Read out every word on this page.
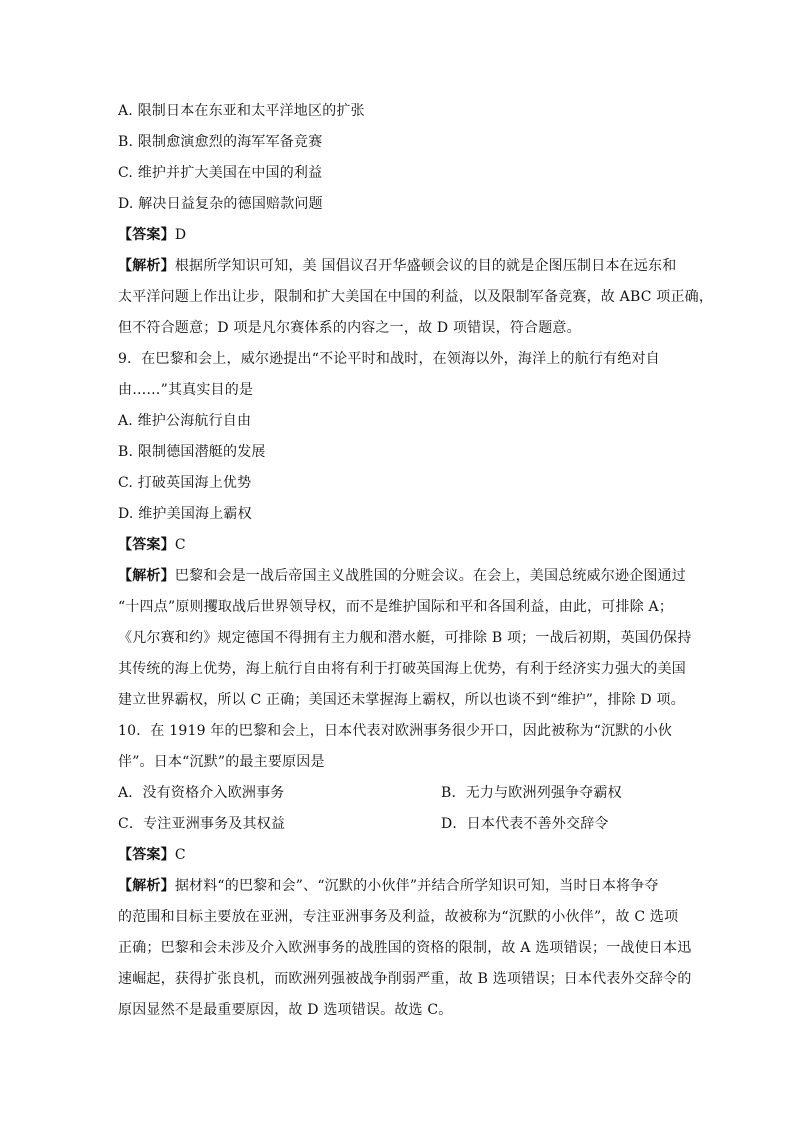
A. 限制日本在东亚和太平洋地区的扩张
B. 限制愈演愈烈的海军军备竞赛
C. 维护并扩大美国在中国的利益
D. 解决日益复杂的德国赔款问题
【答案】D
【解析】根据所学知识可知，美 国倡议召开华盛顿会议的目的就是企图压制日本在远东和
太平洋问题上作出让步，限制和扩大美国在中国的利益，以及限制军备竞赛，故 ABC 项正确，
但不符合题意；D 项是凡尔赛体系的内容之一，故 D 项错误，符合题意。
9．在巴黎和会上，威尔逊提出“不论平时和战时，在领海以外，海洋上的航行有绝对自
由……”其真实目的是
A. 维护公海航行自由
B. 限制德国潜艇的发展
C. 打破英国海上优势
D. 维护美国海上霸权
【答案】C
【解析】巴黎和会是一战后帝国主义战胜国的分赃会议。在会上，美国总统威尔逊企图通过
“十四点”原则攫取战后世界领导权，而不是维护国际和平和各国利益，由此，可排除 A；
《凡尔赛和约》规定德国不得拥有主力舰和潜水艇，可排除 B 项；一战后初期，英国仍保持
其传统的海上优势，海上航行自由将有利于打破英国海上优势，有利于经济实力强大的美国
建立世界霸权，所以 C 正确；美国还未掌握海上霸权，所以也谈不到“维护”，排除 D 项。
10．在 1919 年的巴黎和会上，日本代表对欧洲事务很少开口，因此被称为“沉默的小伙
伴”。日本“沉默”的最主要原因是
A．没有资格介入欧洲事务	B．无力与欧洲列强争夺霸权
C．专注亚洲事务及其权益	D．日本代表不善外交辞令
【答案】C
【解析】据材料“的巴黎和会”、“沉默的小伙伴”并结合所学知识可知，当时日本将争夺
的范围和目标主要放在亚洲，专注亚洲事务及利益，故被称为“沉默的小伙伴”，故 C 选项
正确；巴黎和会未涉及介入欧洲事务的战胜国的资格的限制，故 A 选项错误；一战使日本迅
速崛起，获得扩张良机，而欧洲列强被战争削弱严重，故 B 选项错误；日本代表外交辞令的
原因显然不是最重要原因，故 D 选项错误。故选 C。
